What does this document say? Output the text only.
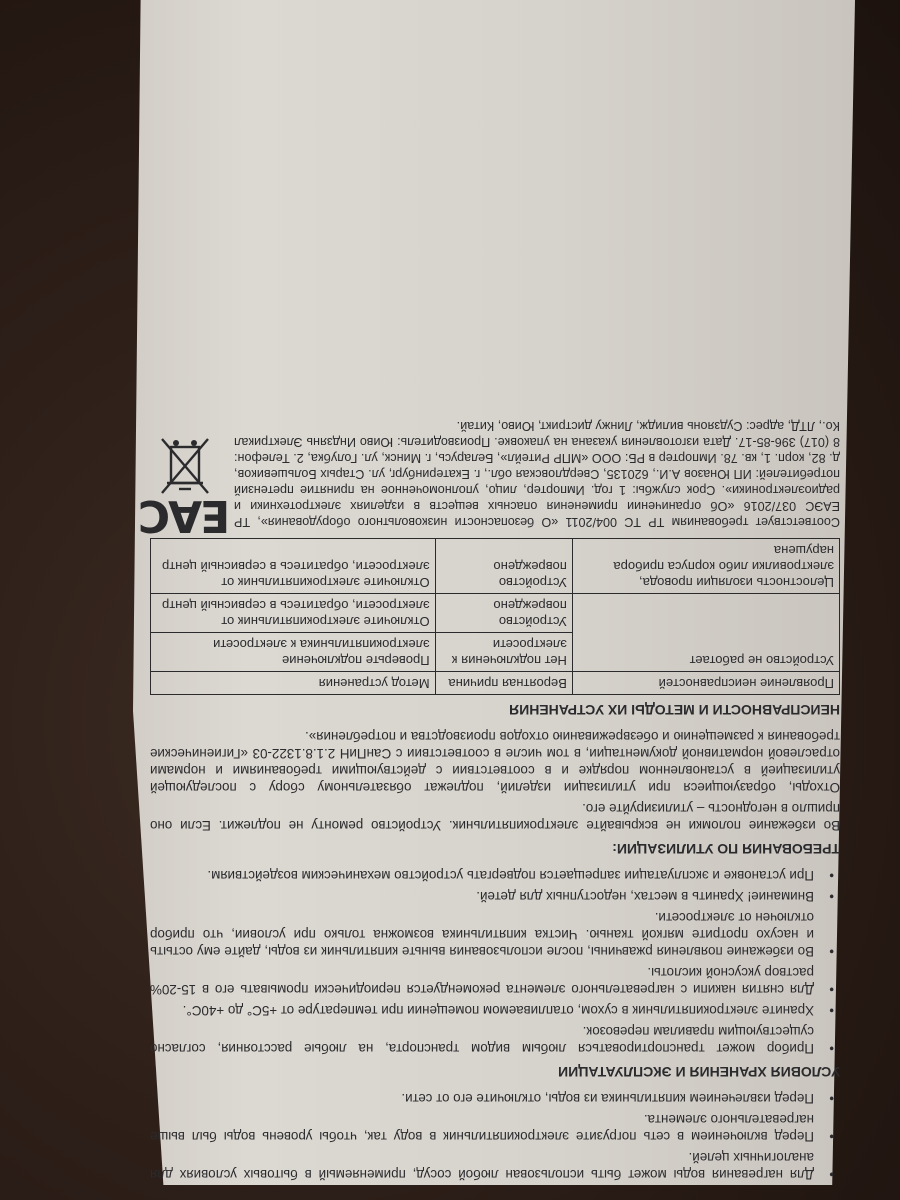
• Для нагревания воды может быть использован любой сосуд, применяемый в бытовых условиях для аналогичных целей.
• Перед включением в сеть погрузите электрокипятильник в воду так, чтобы уровень воды был выше нагревательного элемента.
• Перед извлечением кипятильника из воды, отключите его от сети.
УСЛОВИЯ ХРАНЕНИЯ И ЭКСПЛУАТАЦИИ
• Прибор может транспортироваться любым видом транспорта, на любые расстояния, согласно существующим правилам перевозок.
• Храните электрокипятильник в сухом, отапливаемом помещении при температуре от +5С° до +40С°.
• Для снятия накипи с нагревательного элемента рекомендуется периодически промывать его в 15-20% раствор уксусной кислоты.
• Во избежание появления ржавчины, после использования выньте кипятильник из воды, дайте ему остыть и насухо протрите мягкой тканью. Чистка кипятильника возможна только при условии, что прибор отключен от электросети.
• Внимание! Хранить в местах, недоступных для детей.
• При установке и эксплуатации запрещается подвергать устройство механическим воздействиям.
ТРЕБОВАНИЯ ПО УТИЛИЗАЦИИ:

Во избежание поломки не вскрывайте электрокипятильник. Устройство ремонту не подлежит. Если оно пришло в негодность – утилизируйте его.

Отходы, образующиеся при утилизации изделий, подлежат обязательному сбору с последующей утилизацией в установленном порядке и в соответствии с действующими требованиями и нормами отраслевой нормативной документации, в том числе в соответствии с СанПиН 2.1.8.1322-03 «Гигиенические требования к размещению и обезвреживанию отходов производства и потребления».

НЕИСПРАВНОСТИ И МЕТОДЫ ИХ УСТРАНЕНИЯ
Проявление неисправностей	Вероятная причина	Метод устранения
Устройство не работает	Нет подключения к электросети	Проверьте подключение электрокипятильника к электросети
	Устройство повреждено	Отключите электрокипятильник от электросети, обратитесь в сервисный центр
Целостность изоляции провода, электровилки либо корпуса прибора нарушена	Устройство повреждено	Отключите электрокипятильник от электросети, обратитесь в сервисный центр
Соответствует требованиям ТР ТС 004/2011 «О безопасности низковольтного оборудования», ТР ЕАЭС 037/2016 «Об ограничении применения опасных веществ в изделиях электротехники и радиоэлектроники». Срок службы: 1 год. Импортер, лицо, уполномоченное на принятие претензий потребителей: ИП Юназов А.И., 620135, Свердловская обл., г. Екатеринбург, ул. Старых Большевиков, д. 82, корп. 1, кв. 78. Импортер в РБ: ООО «МПР Ритейл», Беларусь, г. Минск, ул. Голубка, 2. Телефон: 8 (017) 396-85-17. Дата изготовления указана на упаковке. Производитель: Юиво Индзянь Электрикал Ко., ЛТД, адрес: Судзяонь вилидж, Линжу дистрикт, Юиво, Китай.
EAC
